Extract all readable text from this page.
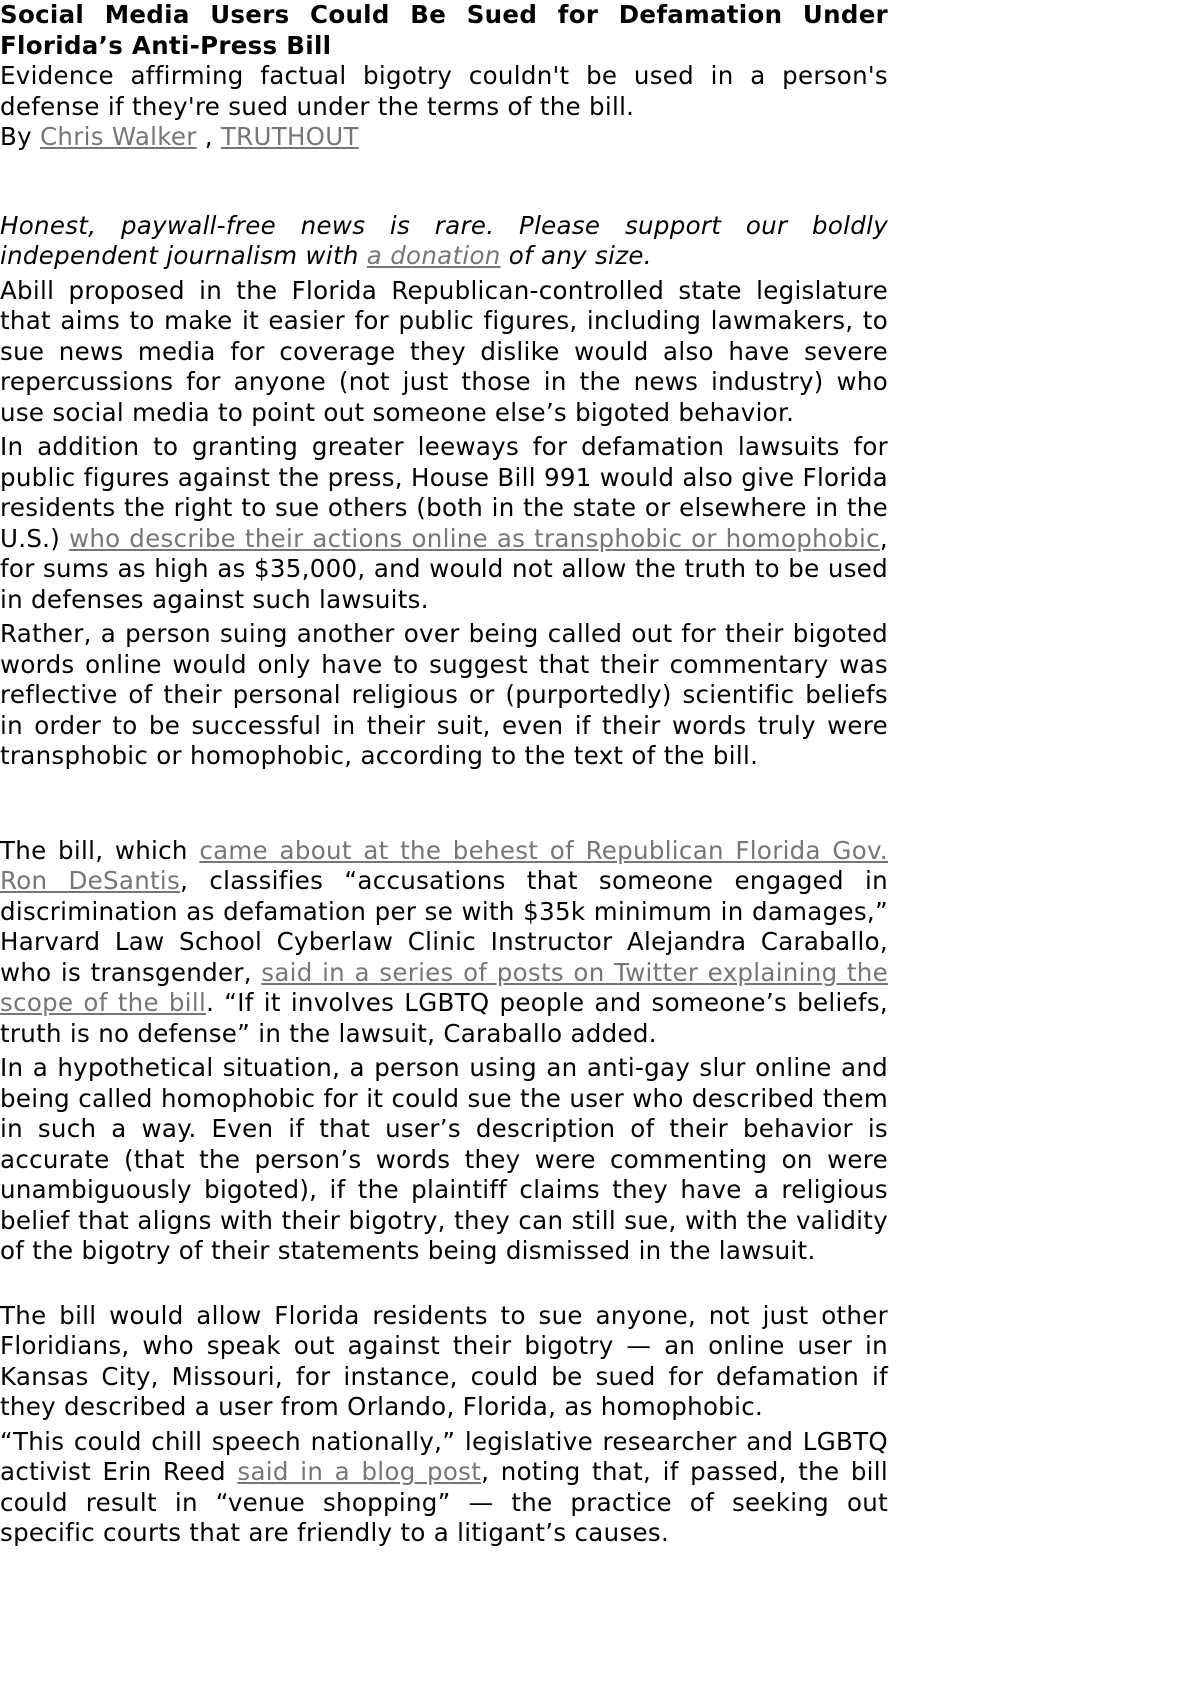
Social Media Users Could Be Sued for Defamation Under Florida’s Anti-Press Bill

Evidence affirming factual bigotry couldn't be used in a person's defense if they're sued under the terms of the bill.

By Chris Walker , TRUTHOUT

Honest, paywall-free news is rare. Please support our boldly independent journalism with a donation of any size.

Abill proposed in the Florida Republican-controlled state legislature that aims to make it easier for public figures, including lawmakers, to sue news media for coverage they dislike would also have severe repercussions for anyone (not just those in the news industry) who use social media to point out someone else’s bigoted behavior.

In addition to granting greater leeways for defamation lawsuits for public figures against the press, House Bill 991 would also give Florida residents the right to sue others (both in the state or elsewhere in the U.S.) who describe their actions online as transphobic or homophobic, for sums as high as $35,000, and would not allow the truth to be used in defenses against such lawsuits.

Rather, a person suing another over being called out for their bigoted words online would only have to suggest that their commentary was reflective of their personal religious or (purportedly) scientific beliefs in order to be successful in their suit, even if their words truly were transphobic or homophobic, according to the text of the bill.

The bill, which came about at the behest of Republican Florida Gov. Ron DeSantis, classifies “accusations that someone engaged in discrimination as defamation per se with $35k minimum in damages,” Harvard Law School Cyberlaw Clinic Instructor Alejandra Caraballo, who is transgender, said in a series of posts on Twitter explaining the scope of the bill. “If it involves LGBTQ people and someone’s beliefs, truth is no defense” in the lawsuit, Caraballo added.

In a hypothetical situation, a person using an anti-gay slur online and being called homophobic for it could sue the user who described them in such a way. Even if that user’s description of their behavior is accurate (that the person’s words they were commenting on were unambiguously bigoted), if the plaintiff claims they have a religious belief that aligns with their bigotry, they can still sue, with the validity of the bigotry of their statements being dismissed in the lawsuit.

The bill would allow Florida residents to sue anyone, not just other Floridians, who speak out against their bigotry — an online user in Kansas City, Missouri, for instance, could be sued for defamation if they described a user from Orlando, Florida, as homophobic.

“This could chill speech nationally,” legislative researcher and LGBTQ activist Erin Reed said in a blog post, noting that, if passed, the bill could result in “venue shopping” — the practice of seeking out specific courts that are friendly to a litigant’s causes.
